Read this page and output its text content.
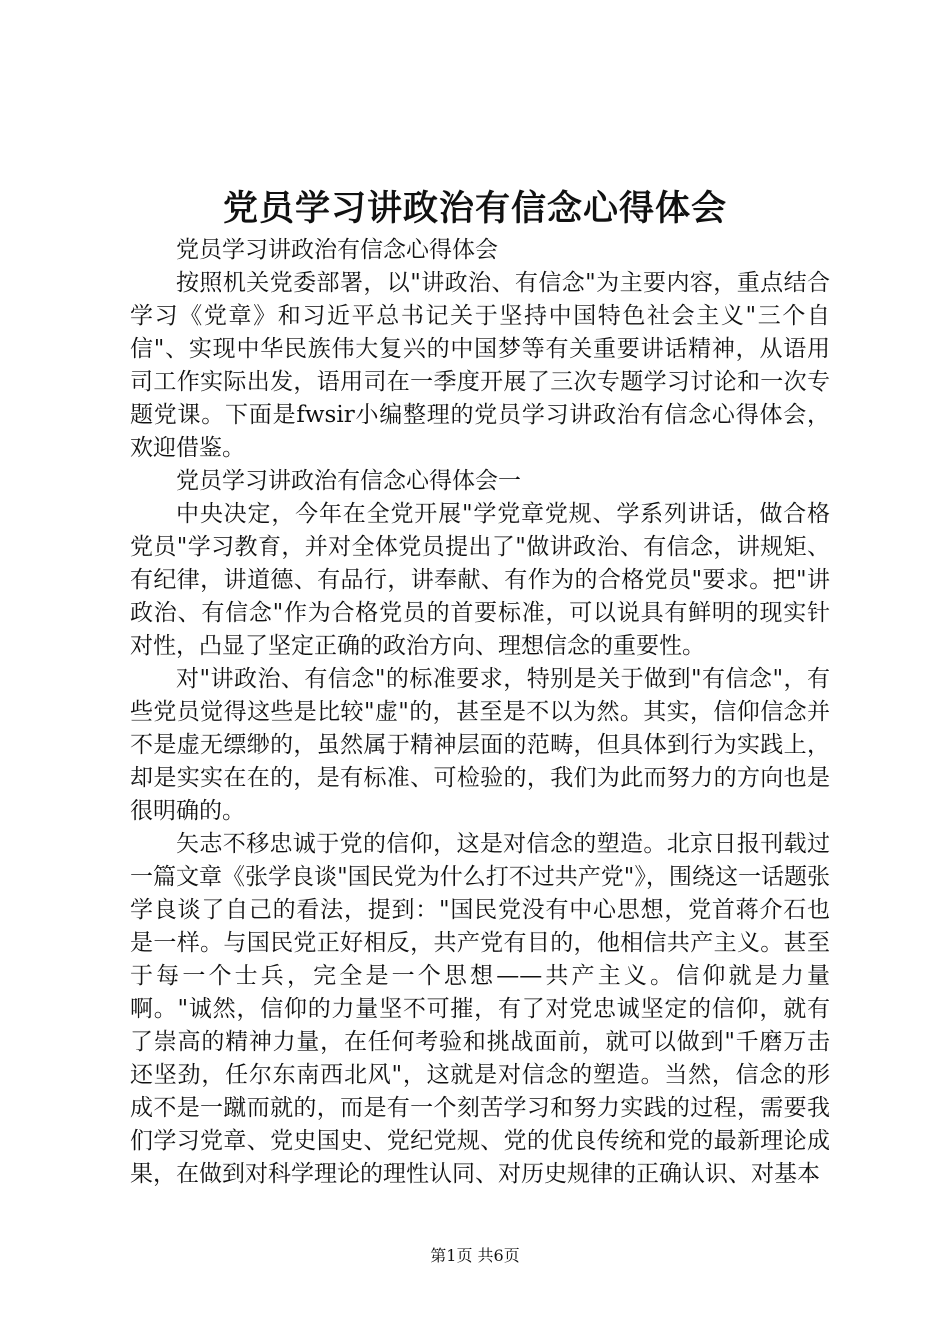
党员学习讲政治有信念心得体会

党员学习讲政治有信念心得体会

按照机关党委部署，以"讲政治、有信念"为主要内容，重点结合学习《党章》和习近平总书记关于坚持中国特色社会主义"三个自信"、实现中华民族伟大复兴的中国梦等有关重要讲话精神，从语用司工作实际出发，语用司在一季度开展了三次专题学习讨论和一次专题党课。下面是fwsir小编整理的党员学习讲政治有信念心得体会，欢迎借鉴。

党员学习讲政治有信念心得体会一

中央决定，今年在全党开展"学党章党规、学系列讲话，做合格党员"学习教育，并对全体党员提出了"做讲政治、有信念，讲规矩、有纪律，讲道德、有品行，讲奉献、有作为的合格党员"要求。把"讲政治、有信念"作为合格党员的首要标准，可以说具有鲜明的现实针对性，凸显了坚定正确的政治方向、理想信念的重要性。

对"讲政治、有信念"的标准要求，特别是关于做到"有信念"，有些党员觉得这些是比较"虚"的，甚至是不以为然。其实，信仰信念并不是虚无缥缈的，虽然属于精神层面的范畴，但具体到行为实践上，却是实实在在的，是有标准、可检验的，我们为此而努力的方向也是很明确的。

矢志不移忠诚于党的信仰，这是对信念的塑造。北京日报刊载过一篇文章《张学良谈"国民党为什么打不过共产党"》，围绕这一话题张学良谈了自己的看法，提到："国民党没有中心思想，党首蒋介石也是一样。与国民党正好相反，共产党有目的，他相信共产主义。甚至于每一个士兵，完全是一个思想——共产主义。信仰就是力量啊。"诚然，信仰的力量坚不可摧，有了对党忠诚坚定的信仰，就有了崇高的精神力量，在任何考验和挑战面前，就可以做到"千磨万击还坚劲，任尔东南西北风"，这就是对信念的塑造。当然，信念的形成不是一蹴而就的，而是有一个刻苦学习和努力实践的过程，需要我们学习党章、党史国史、党纪党规、党的优良传统和党的最新理论成果，在做到对科学理论的理性认同、对历史规律的正确认识、对基本

第1页 共6页
